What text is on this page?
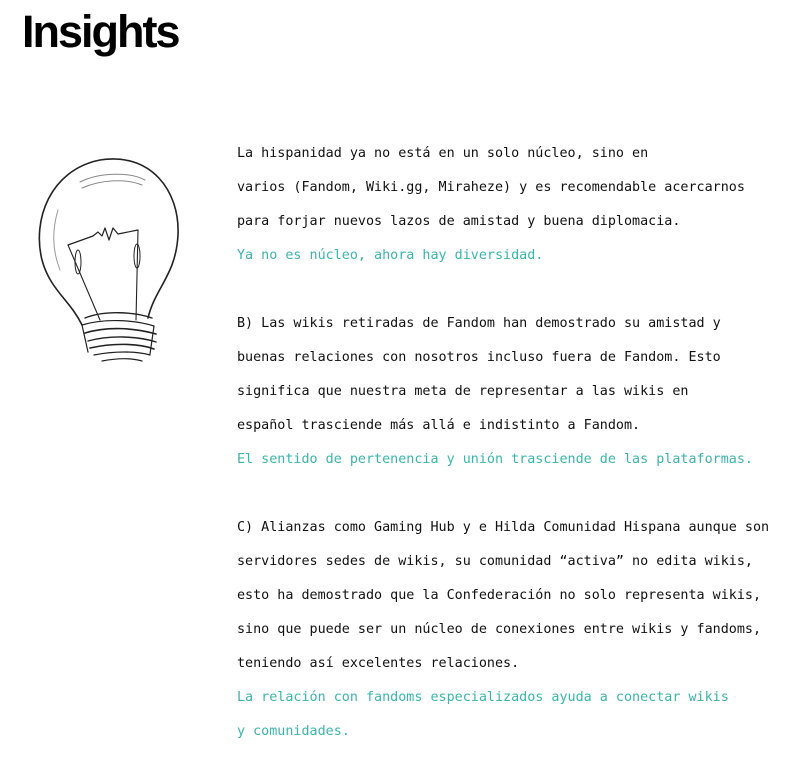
Insights

La hispanidad ya no está en un solo núcleo, sino en

varios (Fandom, Wiki.gg, Miraheze) y es recomendable acercarnos

para forjar nuevos lazos de amistad y buena diplomacia.

Ya no es núcleo, ahora hay diversidad.

B) Las wikis retiradas de Fandom han demostrado su amistad y

buenas relaciones con nosotros incluso fuera de Fandom. Esto

significa que nuestra meta de representar a las wikis en

español trasciende más allá e indistinto a Fandom.

El sentido de pertenencia y unión trasciende de las plataformas.

C) Alianzas como Gaming Hub y e Hilda Comunidad Hispana aunque son

servidores sedes de wikis, su comunidad “activa” no edita wikis,

esto ha demostrado que la Confederación no solo representa wikis,

sino que puede ser un núcleo de conexiones entre wikis y fandoms,

teniendo así excelentes relaciones.

La relación con fandoms especializados ayuda a conectar wikis

y comunidades.
